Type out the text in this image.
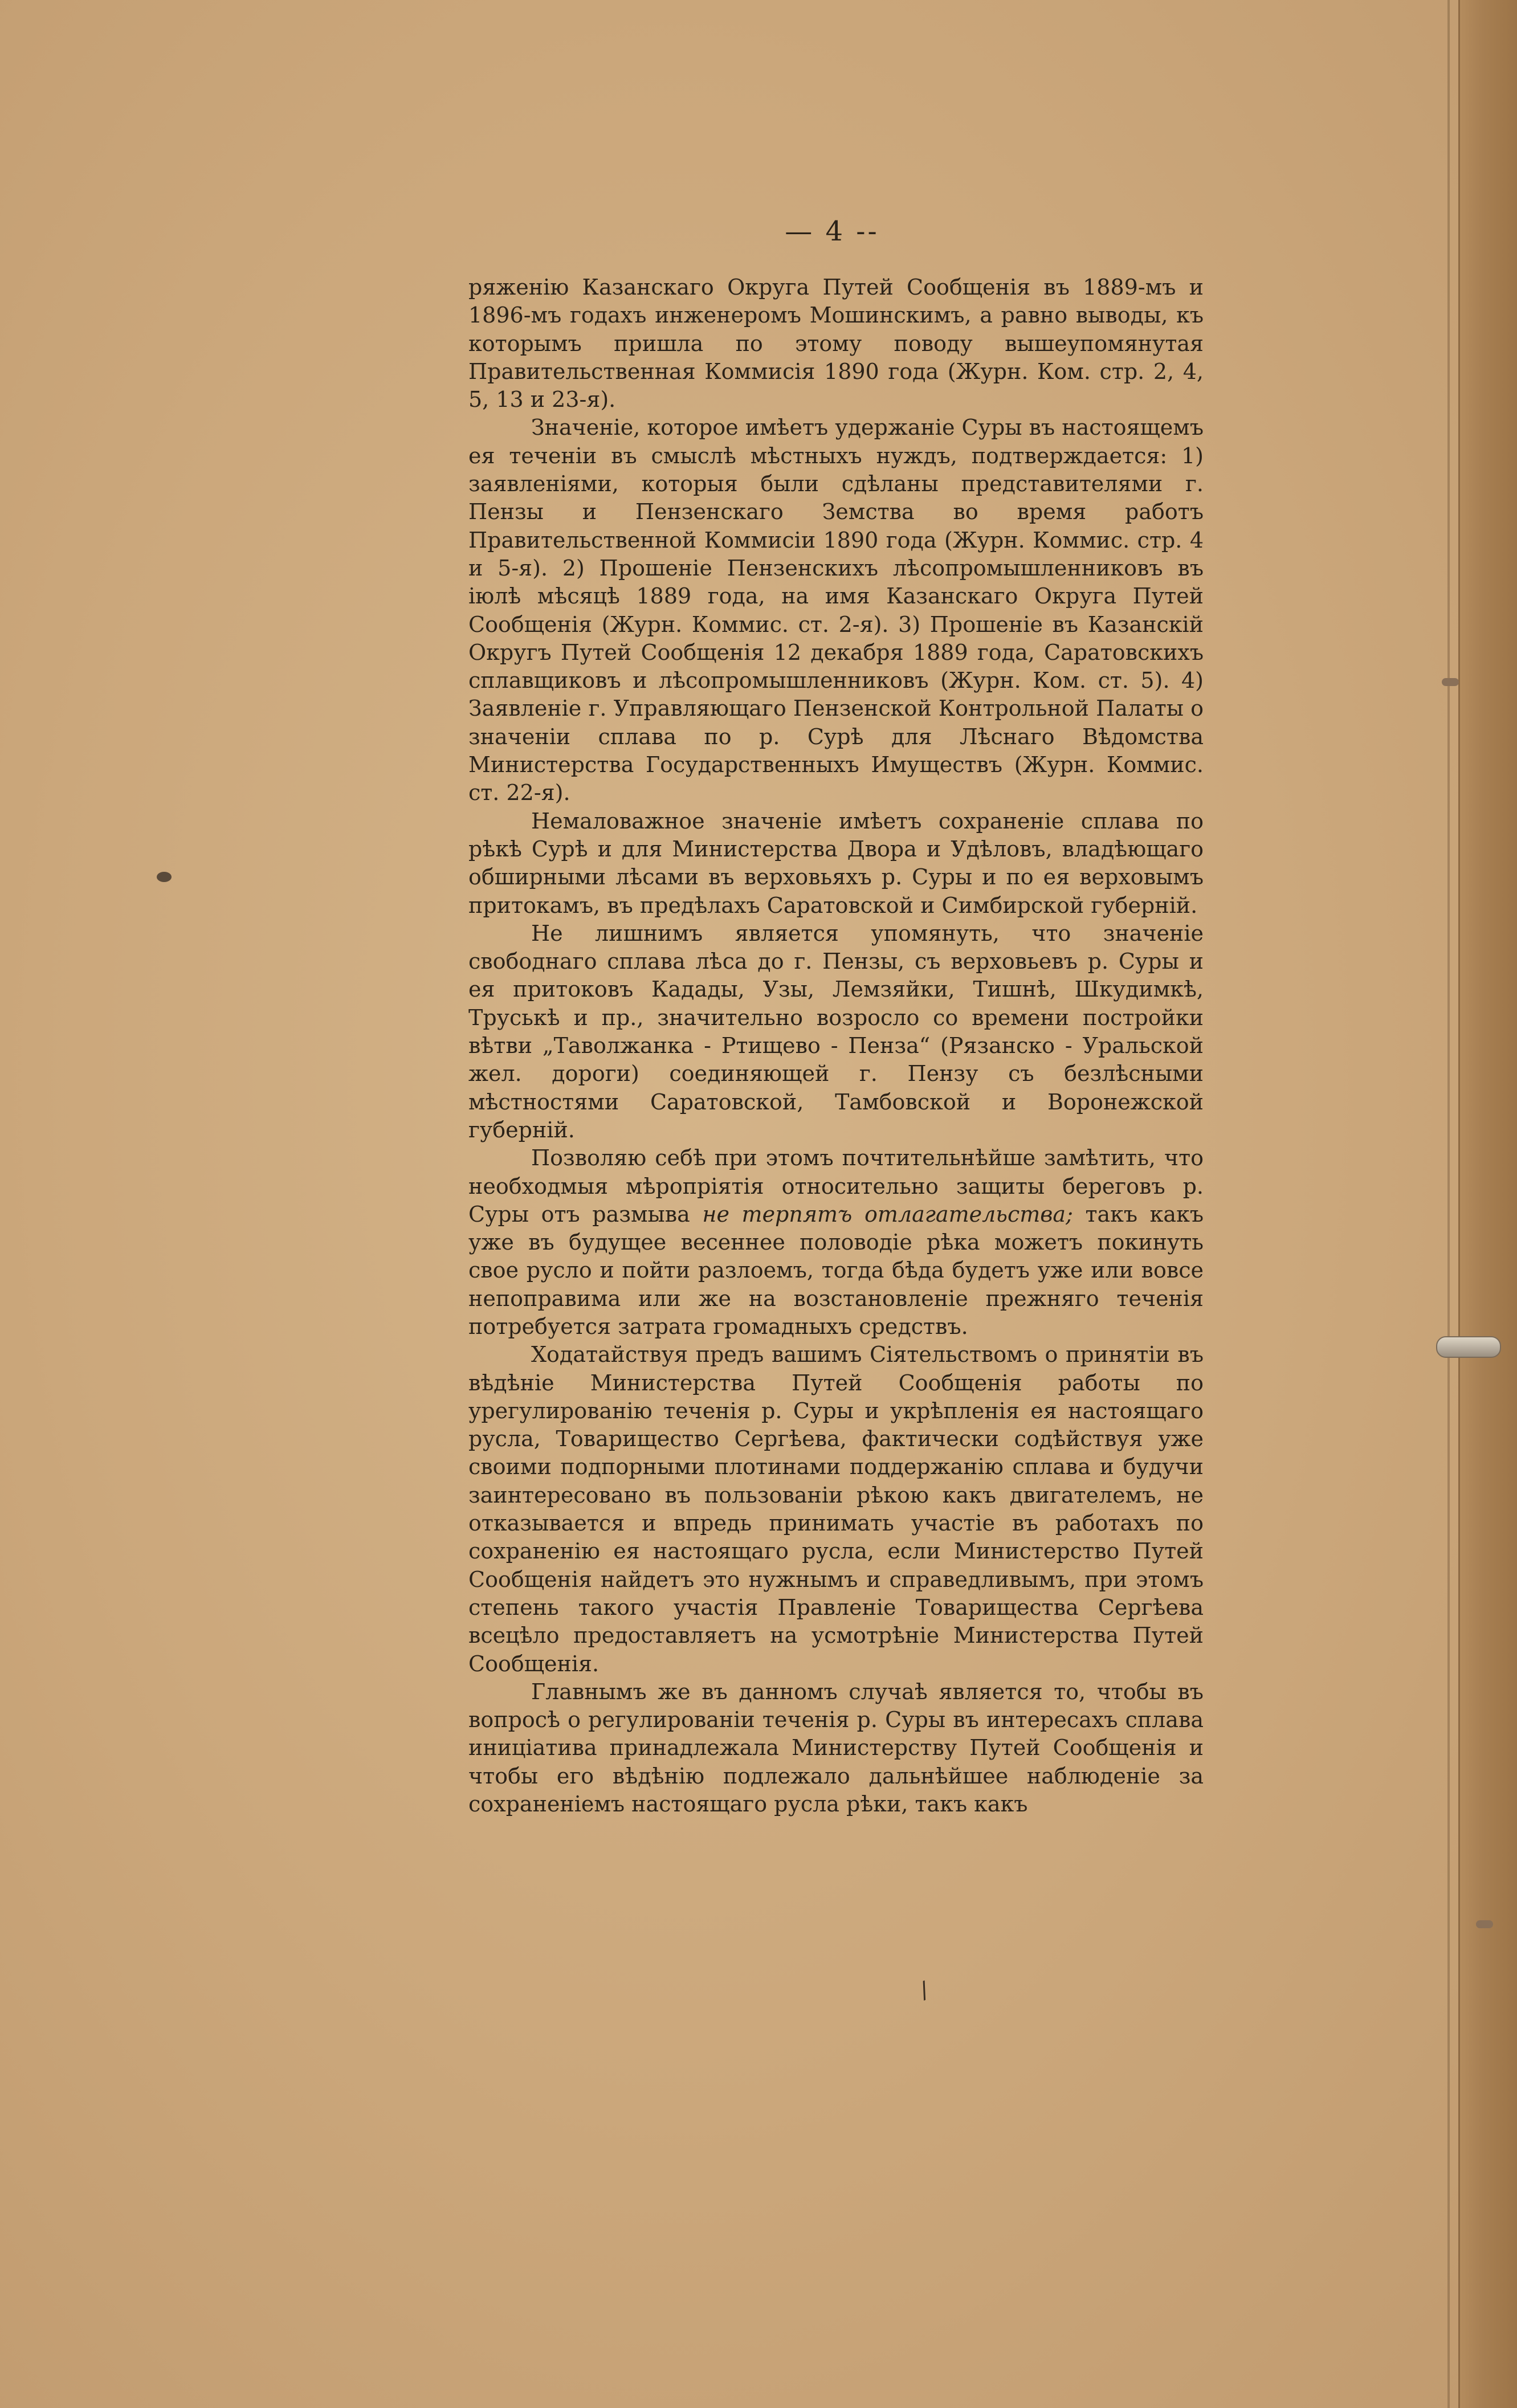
— 4 --

ряженію Казанскаго Округа Путей Сообщенія въ 1889-мъ и 1896-мъ годахъ инженеромъ Мошинскимъ, а равно выводы, къ которымъ пришла по этому поводу вышеупомянутая Правительственная Коммисія 1890 года (Журн. Ком. стр. 2, 4, 5, 13 и 23-я).

Значеніе, которое имѣетъ удержаніе Суры въ настоящемъ ея теченіи въ смыслѣ мѣстныхъ нуждъ, подтверждается: 1) заявленіями, которыя были сдѣланы представителями г. Пензы и Пензенскаго Земства во время работъ Правительственной Коммисіи 1890 года (Журн. Коммис. стр. 4 и 5-я). 2) Прошеніе Пензенскихъ лѣсопромышленниковъ въ іюлѣ мѣсяцѣ 1889 года, на имя Казанскаго Округа Путей Сообщенія (Журн. Коммис. ст. 2-я). 3) Прошеніе въ Казанскій Округъ Путей Сообщенія 12 декабря 1889 года, Саратовскихъ сплавщиковъ и лѣсопромышленниковъ (Журн. Ком. ст. 5). 4) Заявленіе г. Управляющаго Пензенской Контрольной Палаты о значеніи сплава по р. Сурѣ для Лѣснаго Вѣдомства Министерства Государственныхъ Имуществъ (Журн. Коммис. ст. 22-я).

Немаловажное значеніе имѣетъ сохраненіе сплава по рѣкѣ Сурѣ и для Министерства Двора и Удѣловъ, владѣющаго обширными лѣсами въ верховьяхъ р. Суры и по ея верховымъ притокамъ, въ предѣлахъ Саратовской и Симбирской губерній.

Не лишнимъ является упомянуть, что значеніе свободнаго сплава лѣса до г. Пензы, съ верховьевъ р. Суры и ея притоковъ Кадады, Узы, Лемзяйки, Тишнѣ, Шкудимкѣ, Труськѣ и пр., значительно возросло со времени постройки вѣтви „Таволжанка - Ртищево - Пенза“ (Рязанско - Уральской жел. дороги) соединяющей г. Пензу съ безлѣсными мѣстностями Саратовской, Тамбовской и Воронежской губерній.

Позволяю себѣ при этомъ почтительнѣйше замѣтить, что необходмыя мѣропріятія относительно защиты береговъ р. Суры отъ размыва не терпятъ отлагательства; такъ какъ уже въ будущее весеннее половодіе рѣка можетъ покинуть свое русло и пойти разлоемъ, тогда бѣда будетъ уже или вовсе непоправима или же на возстановленіе прежняго теченія потребуется затрата громадныхъ средствъ.

Ходатайствуя предъ вашимъ Сіятельствомъ о принятіи въ вѣдѣніе Министерства Путей Сообщенія работы по урегулированію теченія р. Суры и укрѣпленія ея настоящаго русла, Товарищество Сергѣева, фактически содѣйствуя уже своими подпорными плотинами поддержанію сплава и будучи заинтересовано въ пользованіи рѣкою какъ двигателемъ, не отказывается и впредь принимать участіе въ работахъ по сохраненію ея настоящаго русла, если Министерство Путей Сообщенія найдетъ это нужнымъ и справедливымъ, при этомъ степень такого участія Правленіе Товарищества Сергѣева всецѣло предоставляетъ на усмотрѣніе Министерства Путей Сообщенія.

Главнымъ же въ данномъ случаѣ является то, чтобы въ вопросѣ о регулированіи теченія р. Суры въ интересахъ сплава иниціатива принадлежала Министерству Путей Сообщенія и чтобы его вѣдѣнію подлежало дальнѣйшее наблюденіе за сохраненіемъ настоящаго русла рѣки, такъ какъ

/
